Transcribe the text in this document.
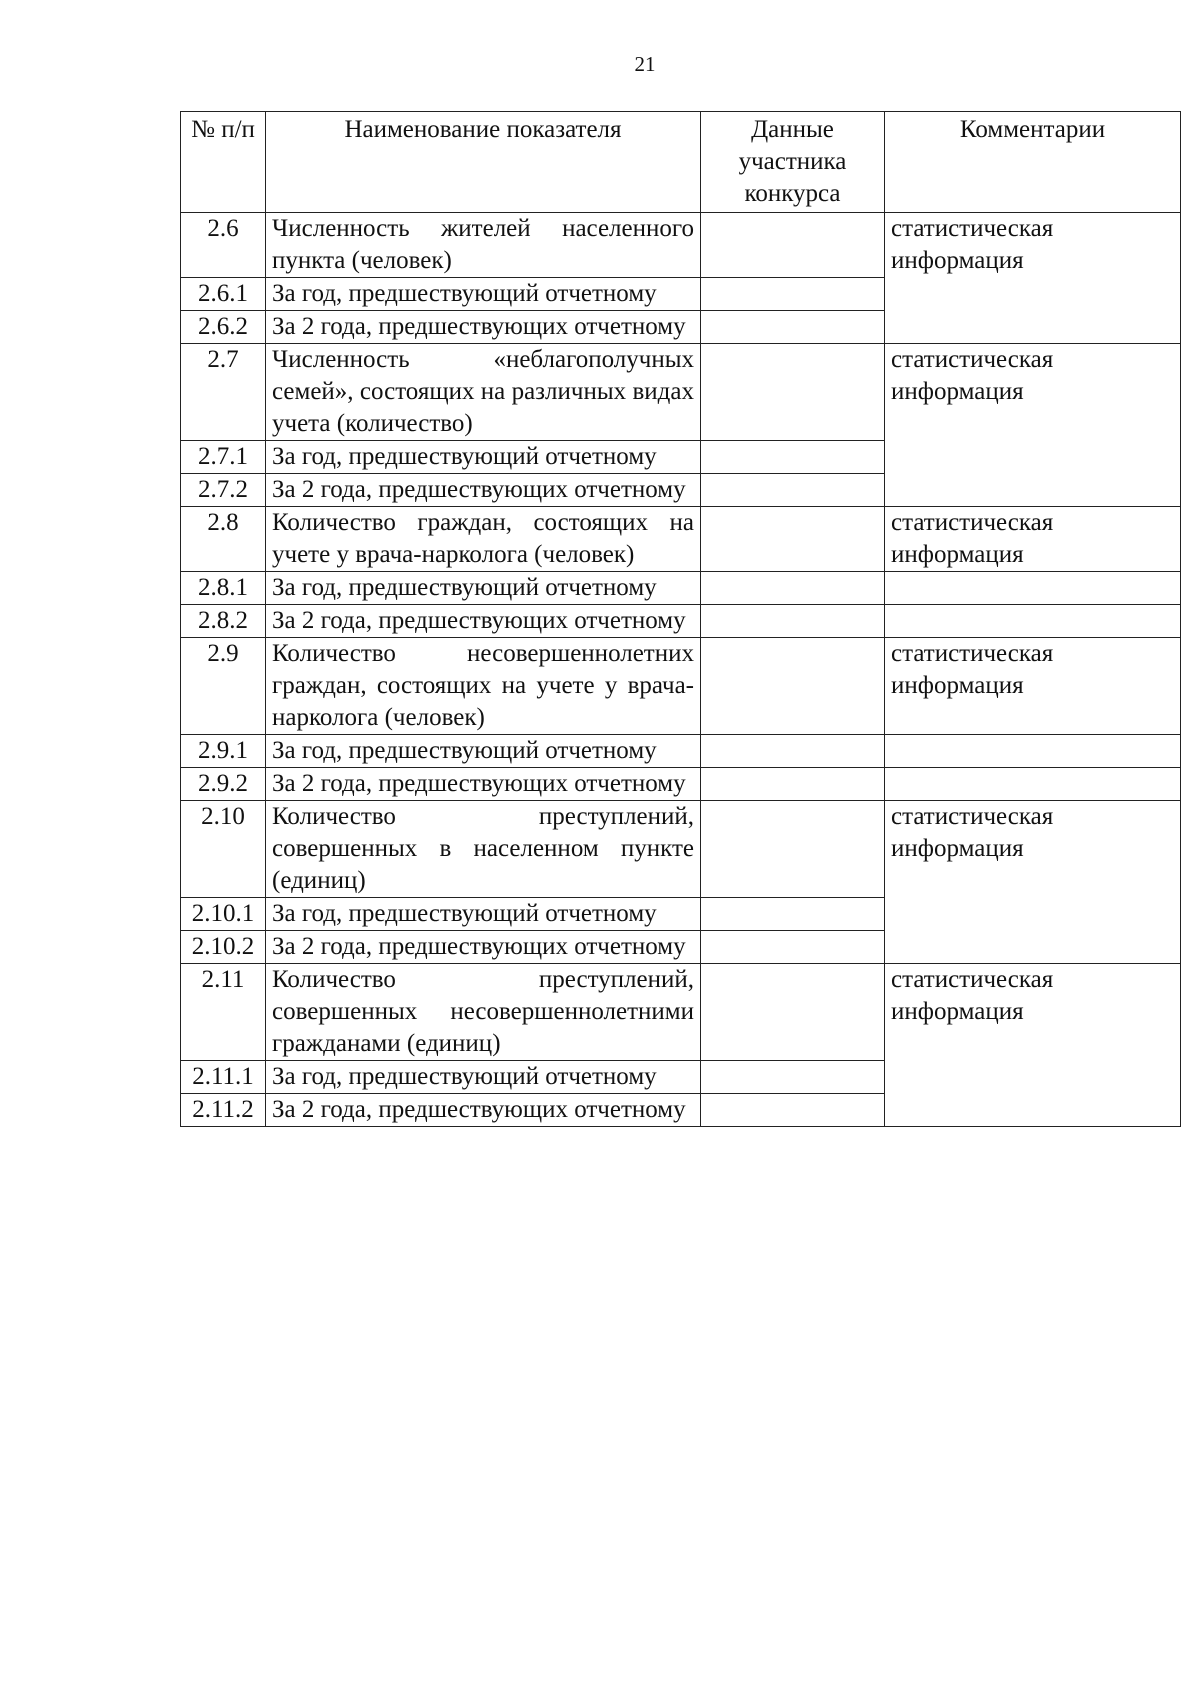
21
№ п/п	Наименование показателя	Данные участника конкурса	Комментарии
2.6	Численность жителей населенного пункта (человек)		статистическая информация
2.6.1	За год, предшествующий отчетному		
2.6.2	За 2 года, предшествующих отчетному		
2.7	Численность «неблагополучных семей», состоящих на различных видах учета (количество)		статистическая информация
2.7.1	За год, предшествующий отчетному		
2.7.2	За 2 года, предшествующих отчетному		
2.8	Количество граждан, состоящих на учете у врача-нарколога (человек)		статистическая информация
2.8.1	За год, предшествующий отчетному		
2.8.2	За 2 года, предшествующих отчетному		
2.9	Количество несовершеннолетних граждан, состоящих на учете у врача-нарколога (человек)		статистическая информация
2.9.1	За год, предшествующий отчетному		
2.9.2	За 2 года, предшествующих отчетному		
2.10	Количество преступлений, совершенных в населенном пункте (единиц)		статистическая информация
2.10.1	За год, предшествующий отчетному		
2.10.2	За 2 года, предшествующих отчетному		
2.11	Количество преступлений, совершенных несовершеннолетними гражданами (единиц)		статистическая информация
2.11.1	За год, предшествующий отчетному		
2.11.2	За 2 года, предшествующих отчетному		
